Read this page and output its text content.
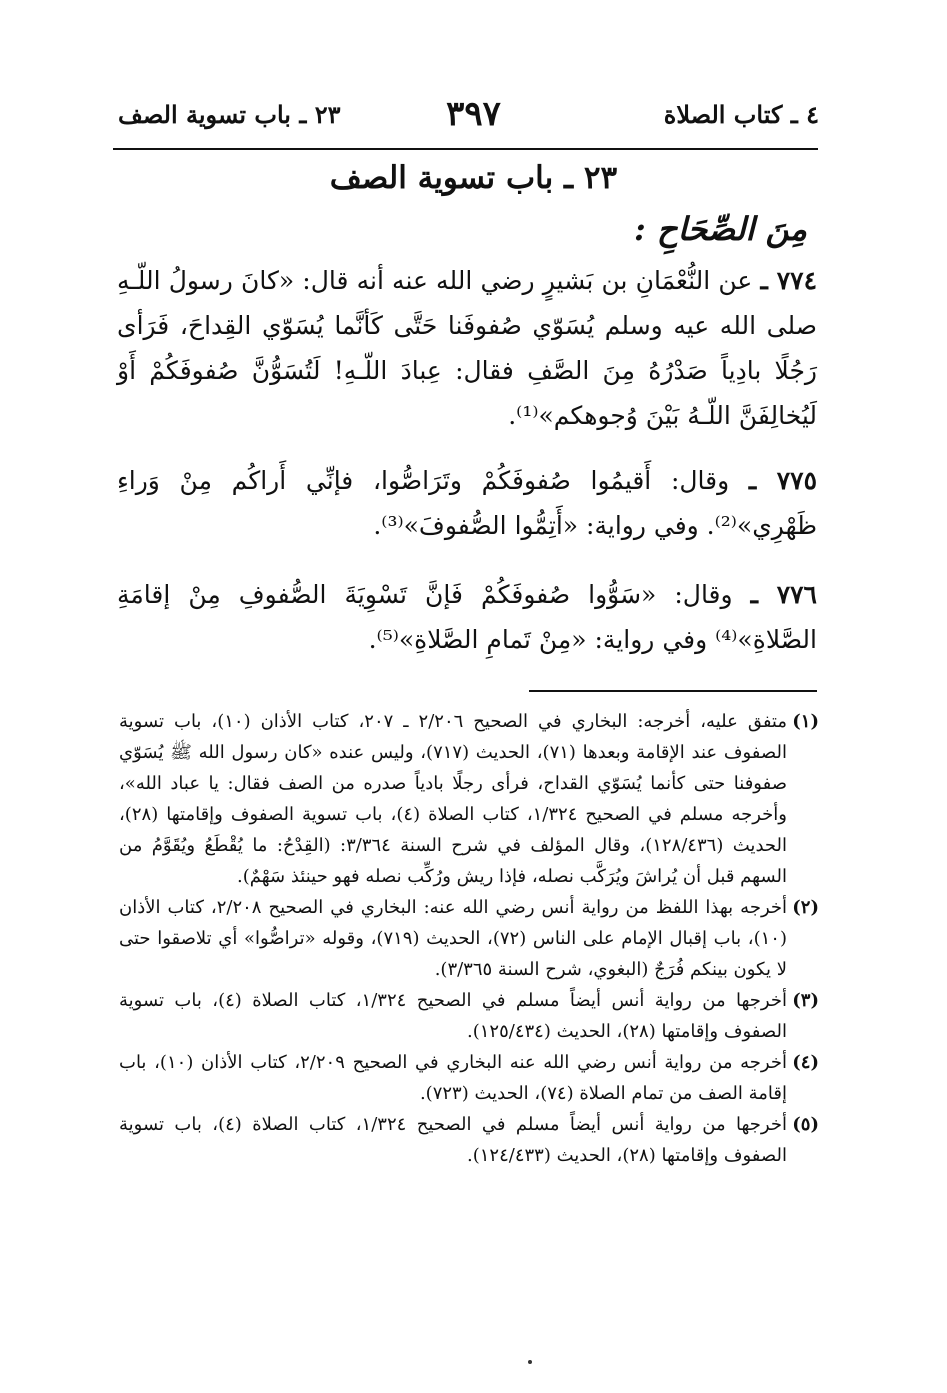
٤ ـ كتاب الصلاة
٣٩٧
٢٣ ـ باب تسوية الصف
٢٣ ـ باب تسوية الصف
مِنَ الصِّحَاحِ :

٧٧٤ ـ عن النُّعْمَانِ بن بَشيرٍ رضي الله عنه أنه قال: «كانَ رسولُ اللّـهِ صلى الله عيه وسلم يُسَوّي صُفوفَنا حَتَّى كَأنَّما يُسَوّي القِداحَ، فَرَأى رَجُلًا بادِياً صَدْرُهُ مِنَ الصَّفِ فقال: عِبادَ اللّـهِ! لَتُسَوُّنَّ صُفوفَكُمْ أَوْ لَيُخالِفَنَّ اللّـهُ بَيْنَ وُجوهكم»⁽¹⁾.

٧٧٥ ـ وقال: أَقيمُوا صُفوفَكُمْ وتَرَاصُّوا، فإنِّي أَراكُم مِنْ وَراءِ ظَهْرِي»⁽²⁾. وفي رواية: «أَتِمُّوا الصُّفوفَ»⁽³⁾.

٧٧٦ ـ وقال: «سَوُّوا صُفوفَكُمْ فَإنَّ تَسْوِيَةَ الصُّفوفِ مِنْ إقامَةِ الصَّلاةِ»⁽⁴⁾ وفي رواية: «مِنْ تَمامِ الصَّلاةِ»⁽⁵⁾.

(١)
متفق عليه، أخرجه: البخاري في الصحيح ٢/٢٠٦ ـ ٢٠٧، كتاب الأذان (١٠)، باب تسوية الصفوف عند الإقامة وبعدها (٧١)، الحديث (٧١٧)، وليس عنده «كان رسول الله ﷺ يُسَوّي صفوفنا حتى كأنما يُسَوّي القداح، فرأى رجلًا بادياً صدره من الصف فقال: يا عباد الله»، وأخرجه مسلم في الصحيح ١/٣٢٤، كتاب الصلاة (٤)، باب تسوية الصفوف وإقامتها (٢٨)، الحديث (١٢٨/٤٣٦)، وقال المؤلف في شرح السنة ٣/٣٦٤: (القِدْحُ: ما يُقْطَعُ ويُقَوَّمُ من السهم قبل أن يُراشَ ويُرَكَّب نصله، فإذا ريش ورُكِّب نصله فهو حينئذ سَهْمٌ).
(٢)
أخرجه بهذا اللفظ من رواية أنس رضي الله عنه: البخاري في الصحيح ٢/٢٠٨، كتاب الأذان (١٠)، باب إقبال الإمام على الناس (٧٢)، الحديث (٧١٩)، وقوله «تراصُّوا» أي تلاصقوا حتى لا يكون بينكم فُرَجٌ (البغوي، شرح السنة ٣/٣٦٥).
(٣)
أخرجها من رواية أنس أيضاً مسلم في الصحيح ١/٣٢٤، كتاب الصلاة (٤)، باب تسوية الصفوف وإقامتها (٢٨)، الحديث (١٢٥/٤٣٤).
(٤)
أخرجه من رواية أنس رضي الله عنه البخاري في الصحيح ٢/٢٠٩، كتاب الأذان (١٠)، باب إقامة الصف من تمام الصلاة (٧٤)، الحديث (٧٢٣).
(٥)
أخرجها من رواية أنس أيضاً مسلم في الصحيح ١/٣٢٤، كتاب الصلاة (٤)، باب تسوية الصفوف وإقامتها (٢٨)، الحديث (١٢٤/٤٣٣).
